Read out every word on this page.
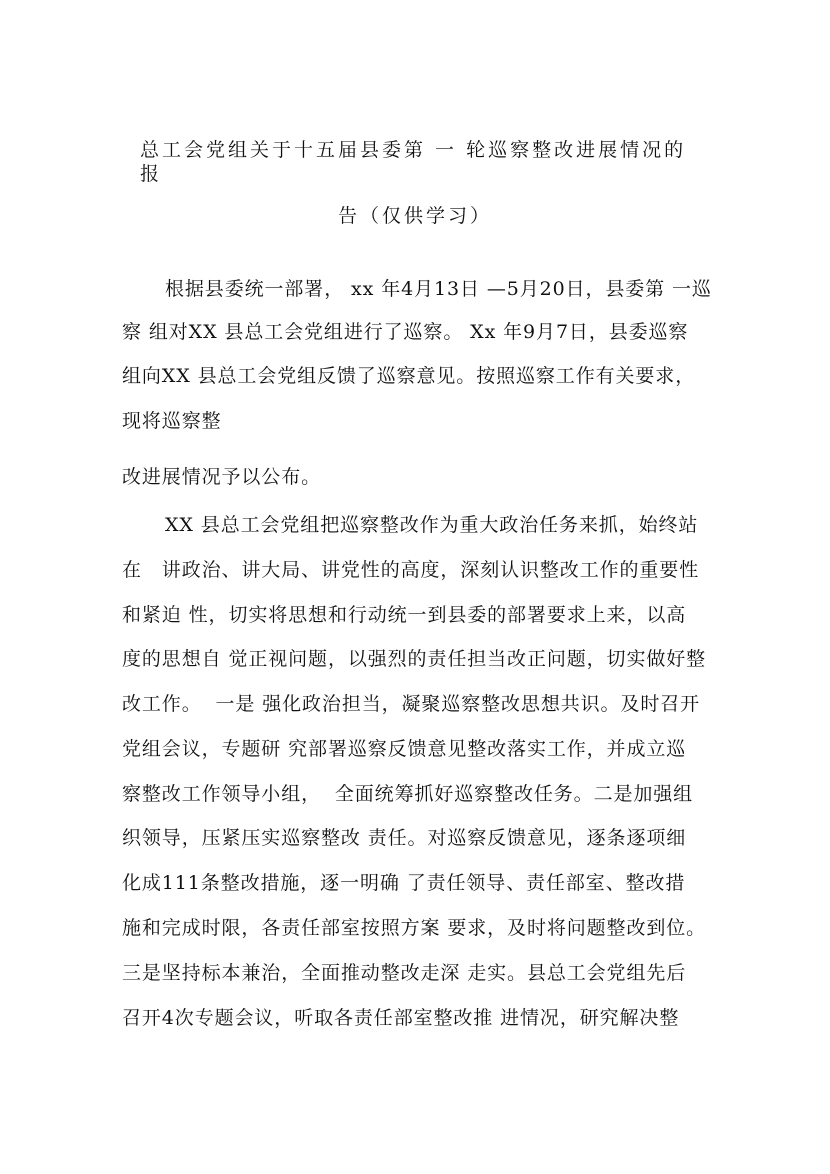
总工会党组关于十五届县委第 一 轮巡察整改进展情况的
报
告（仅供学习）
根据县委统一部署， xx 年4月13日 —5月20日，县委第 一巡
察 组对XX 县总工会党组进行了巡察。 Xx 年9月7日，县委巡察
组向XX 县总工会党组反馈了巡察意见。按照巡察工作有关要求，
现将巡察整
改进展情况予以公布。
XX 县总工会党组把巡察整改作为重大政治任务来抓，始终站
在　讲政治、讲大局、讲党性的高度，深刻认识整改工作的重要性
和紧迫 性，切实将思想和行动统一到县委的部署要求上来，以高
度的思想自 觉正视问题，以强烈的责任担当改正问题，切实做好整
改工作。  一是 强化政治担当，凝聚巡察整改思想共识。及时召开
党组会议，专题研 究部署巡察反馈意见整改落实工作，并成立巡
察整改工作领导小组，  全面统筹抓好巡察整改任务。二是加强组
织领导，压紧压实巡察整改 责任。对巡察反馈意见，逐条逐项细
化成111条整改措施，逐一明确 了责任领导、责任部室、整改措
施和完成时限，各责任部室按照方案 要求，及时将问题整改到位。
三是坚持标本兼治，全面推动整改走深 走实。县总工会党组先后
召开4次专题会议，听取各责任部室整改推 进情况，研究解决整
